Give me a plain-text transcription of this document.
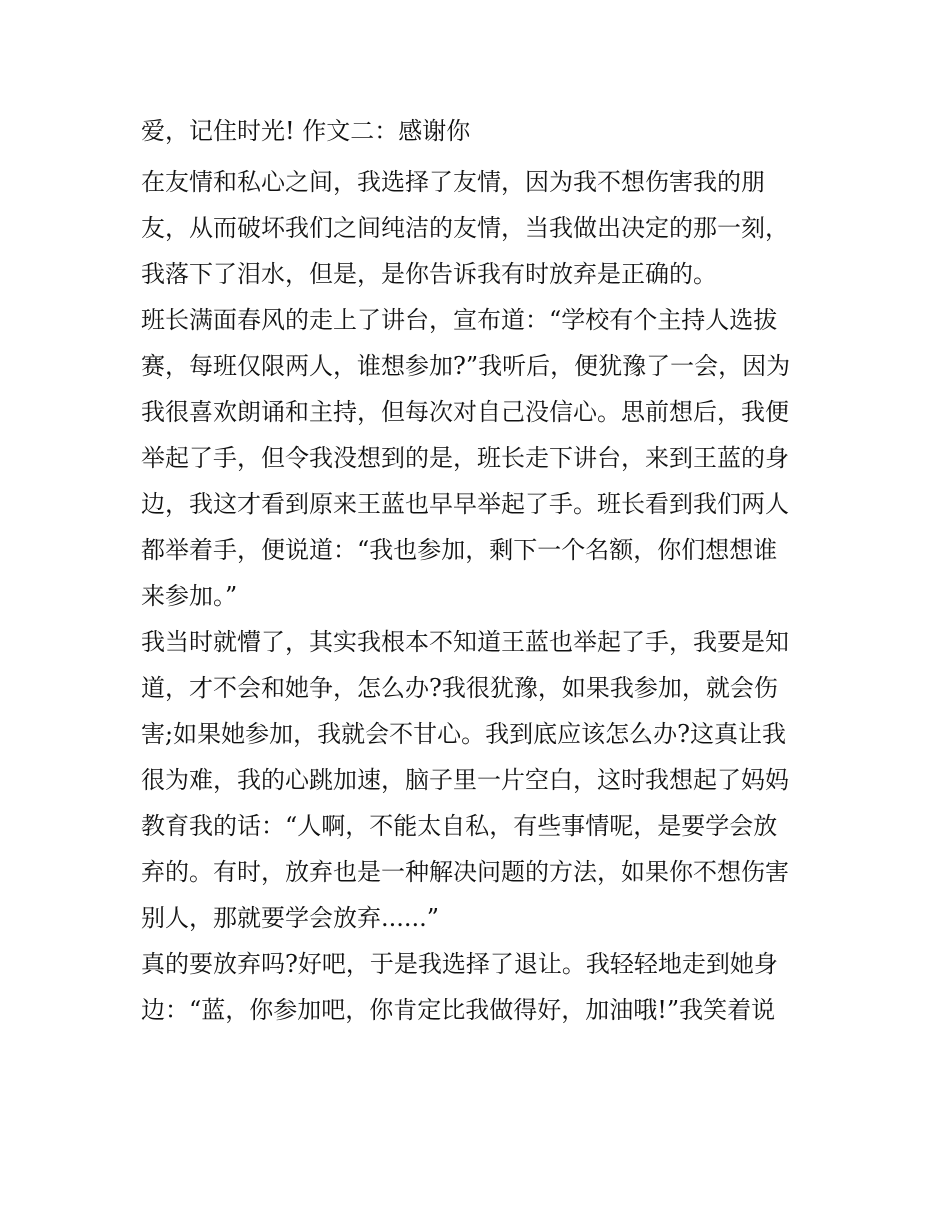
爱，记住时光! 作文二：感谢你
在友情和私心之间，我选择了友情，因为我不想伤害我的朋
友，从而破坏我们之间纯洁的友情，当我做出决定的那一刻，
我落下了泪水，但是，是你告诉我有时放弃是正确的。
班长满面春风的走上了讲台，宣布道：“学校有个主持人选拔
赛，每班仅限两人，谁想参加?”我听后，便犹豫了一会，因为
我很喜欢朗诵和主持，但每次对自己没信心。思前想后，我便
举起了手，但令我没想到的是，班长走下讲台，来到王蓝的身
边，我这才看到原来王蓝也早早举起了手。班长看到我们两人
都举着手，便说道：“我也参加，剩下一个名额，你们想想谁
来参加。”
我当时就懵了，其实我根本不知道王蓝也举起了手，我要是知
道，才不会和她争，怎么办?我很犹豫，如果我参加，就会伤
害;如果她参加，我就会不甘心。我到底应该怎么办?这真让我
很为难，我的心跳加速，脑子里一片空白，这时我想起了妈妈
教育我的话：“人啊，不能太自私，有些事情呢，是要学会放
弃的。有时，放弃也是一种解决问题的方法，如果你不想伤害
别人，那就要学会放弃......”
真的要放弃吗?好吧，于是我选择了退让。我轻轻地走到她身
边：“蓝，你参加吧，你肯定比我做得好，加油哦!”我笑着说
